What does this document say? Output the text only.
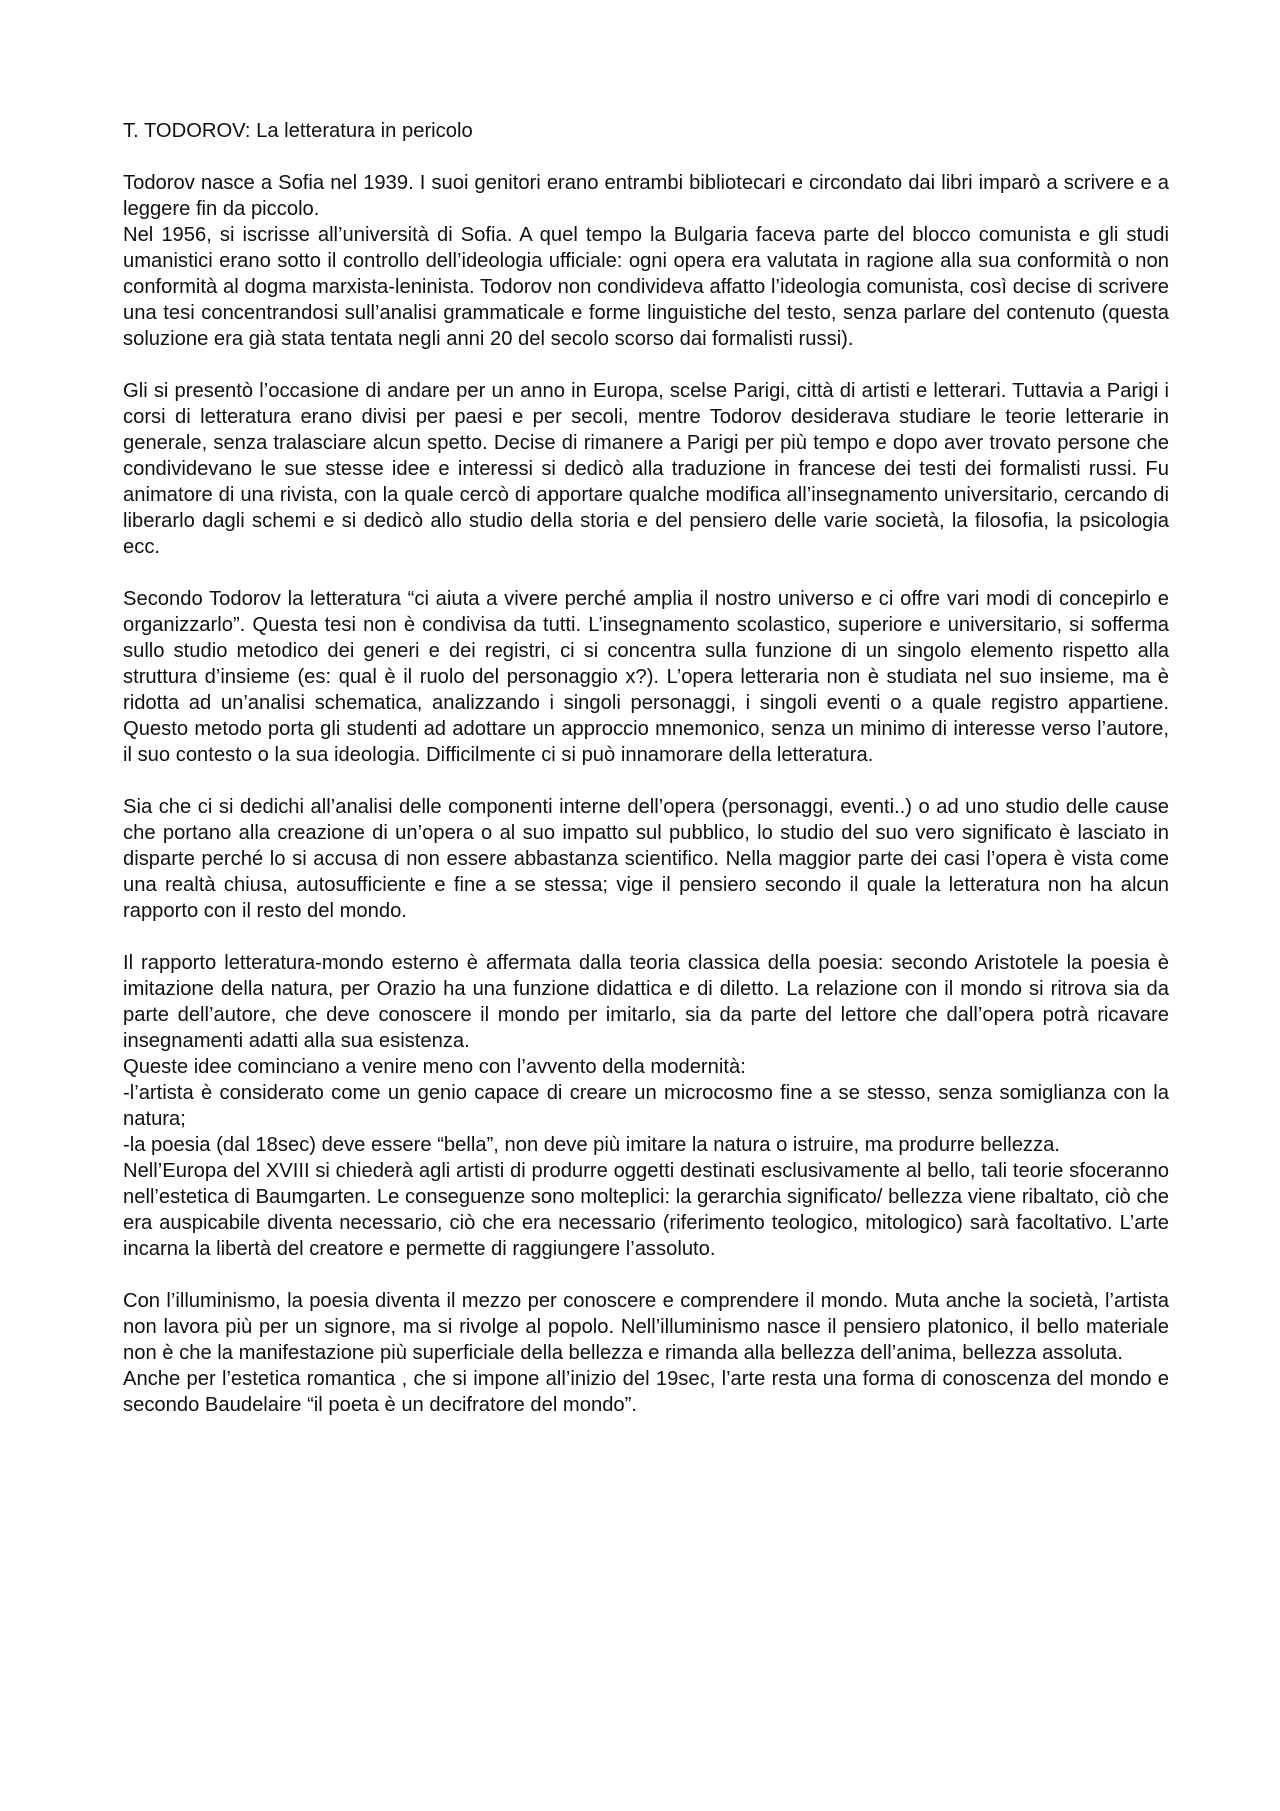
T. TODOROV: La letteratura in pericolo

Todorov nasce a Sofia nel 1939. I suoi genitori erano entrambi bibliotecari e circondato dai libri imparò a scrivere e a leggere fin da piccolo.

Nel 1956, si iscrisse all’università di Sofia. A quel tempo la Bulgaria faceva parte del blocco comunista e gli studi umanistici erano sotto il controllo dell’ideologia ufficiale: ogni opera era valutata in ragione alla sua conformità o non conformità al dogma marxista-leninista. Todorov non condivideva affatto l’ideologia comunista, così decise di scrivere una tesi concentrandosi sull’analisi grammaticale e forme linguistiche del testo, senza parlare del contenuto (questa soluzione era già stata tentata negli anni 20 del secolo scorso dai formalisti russi).

Gli si presentò l’occasione di andare per un anno in Europa, scelse Parigi, città di artisti e letterari. Tuttavia a Parigi i corsi di letteratura erano divisi per paesi e per secoli, mentre Todorov desiderava studiare le teorie letterarie in generale, senza tralasciare alcun spetto. Decise di rimanere a Parigi per più tempo e dopo aver trovato persone che condividevano le sue stesse idee e interessi si dedicò alla traduzione in francese dei testi dei formalisti russi. Fu animatore di una rivista, con la quale cercò di apportare qualche modifica all’insegnamento universitario, cercando di liberarlo dagli schemi e si dedicò allo studio della storia e del pensiero delle varie società, la filosofia, la psicologia ecc.

Secondo Todorov la letteratura “ci aiuta a vivere perché amplia il nostro universo e ci offre vari modi di concepirlo e organizzarlo”. Questa tesi non è condivisa da tutti. L’insegnamento scolastico, superiore e universitario, si sofferma sullo studio metodico dei generi e dei registri, ci si concentra sulla funzione di un singolo elemento rispetto alla struttura d’insieme (es: qual è il ruolo del personaggio x?). L’opera letteraria non è studiata nel suo insieme, ma è ridotta ad un’analisi schematica, analizzando i singoli personaggi, i singoli eventi o a quale registro appartiene. Questo metodo porta gli studenti ad adottare un approccio mnemonico, senza un minimo di interesse verso l’autore, il suo contesto o la sua ideologia. Difficilmente ci si può innamorare della letteratura.

Sia che ci si dedichi all’analisi delle componenti interne dell’opera (personaggi, eventi..) o ad uno studio delle cause che portano alla creazione di un’opera o al suo impatto sul pubblico, lo studio del suo vero significato è lasciato in disparte perché lo si accusa di non essere abbastanza scientifico. Nella maggior parte dei casi l’opera è vista come una realtà chiusa, autosufficiente e fine a se stessa; vige il pensiero secondo il quale la letteratura non ha alcun rapporto con il resto del mondo.

Il rapporto letteratura-mondo esterno è affermata dalla teoria classica della poesia: secondo Aristotele la poesia è imitazione della natura, per Orazio ha una funzione didattica e di diletto. La relazione con il mondo si ritrova sia da parte dell’autore, che deve conoscere il mondo per imitarlo, sia da parte del lettore che dall’opera potrà ricavare insegnamenti adatti alla sua esistenza.

Queste idee cominciano a venire meno con l’avvento della modernità:

-l’artista è considerato come un genio capace di creare un microcosmo fine a se stesso, senza somiglianza con la natura;

-la poesia (dal 18sec) deve essere “bella”, non deve più imitare la natura o istruire, ma produrre bellezza.

Nell’Europa del XVIII si chiederà agli artisti di produrre oggetti destinati esclusivamente al bello, tali teorie sfoceranno nell’estetica di Baumgarten. Le conseguenze sono molteplici: la gerarchia significato/ bellezza viene ribaltato, ciò che era auspicabile diventa necessario, ciò che era necessario (riferimento teologico, mitologico) sarà facoltativo. L’arte incarna la libertà del creatore e permette di raggiungere l’assoluto.

Con l’illuminismo, la poesia diventa il mezzo per conoscere e comprendere il mondo. Muta anche la società, l’artista non lavora più per un signore, ma si rivolge al popolo. Nell’illuminismo nasce il pensiero platonico, il bello materiale non è che la manifestazione più superficiale della bellezza e rimanda alla bellezza dell’anima, bellezza assoluta.

Anche per l’estetica romantica , che si impone all’inizio del 19sec, l’arte resta una forma di conoscenza del mondo e secondo Baudelaire “il poeta è un decifratore del mondo”.
